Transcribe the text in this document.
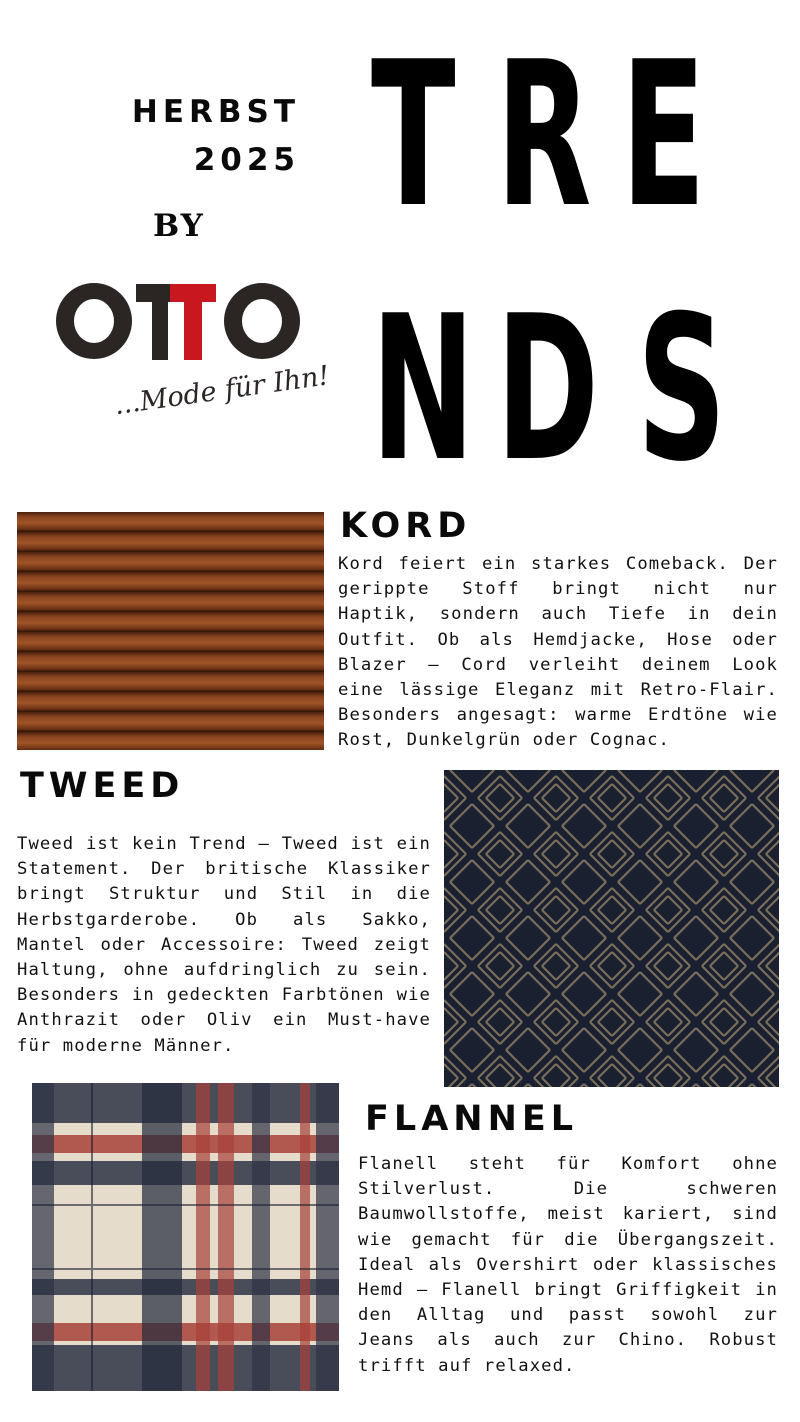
HERBST
2025
BY T R E
N D S
...Mode für Ihn!
KORD
Kord feiert ein starkes Comeback. Der gerippte Stoff bringt nicht nur Haptik, sondern auch Tiefe in dein Outfit. Ob als Hemdjacke, Hose oder Blazer – Cord verleiht deinem Look eine lässige Eleganz mit Retro-Flair. Besonders angesagt: warme Erdtöne wie Rost, Dunkelgrün oder Cognac.
TWEED
Tweed ist kein Trend – Tweed ist ein Statement. Der britische Klassiker bringt Struktur und Stil in die Herbstgarderobe. Ob als Sakko, Mantel oder Accessoire: Tweed zeigt Haltung, ohne aufdringlich zu sein. Besonders in gedeckten Farbtönen wie Anthrazit oder Oliv ein Must-have für moderne Männer.
FLANNEL
Flanell steht für Komfort ohne Stilverlust. Die schweren Baumwollstoffe, meist kariert, sind wie gemacht für die Übergangszeit. Ideal als Overshirt oder klassisches Hemd – Flanell bringt Griffigkeit in den Alltag und passt sowohl zur Jeans als auch zur Chino. Robust trifft auf relaxed.
